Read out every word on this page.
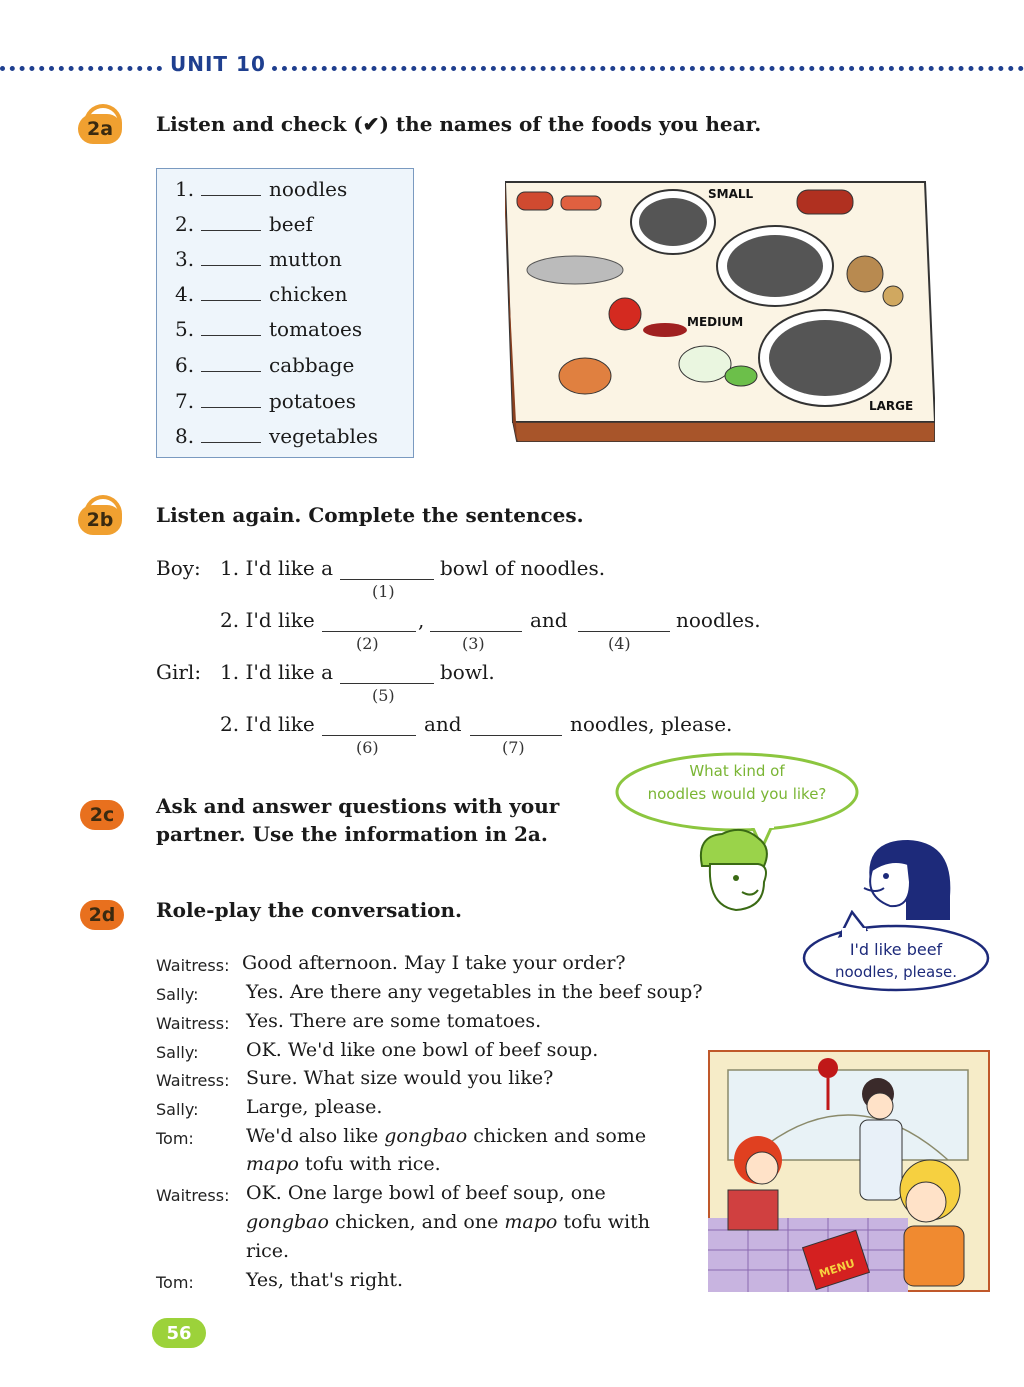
UNIT 10
2a	Listen and check (✔) the names of the foods you hear.
1.	noodles
2.	beef
3.	mutton
4.	chicken
5.	tomatoes
6.	cabbage
7.	potatoes
8.	vegetables
SMALL
MEDIUM
LARGE
2b	Listen again. Complete the sentences.
Boy: 1. I'd like a	bowl of noodles.
(1)
2. I'd like	,	and	noodles.
(2)	(3)	(4)
Girl: 1. I'd like a	bowl.
(5)
2. I'd like	and	noodles, please.
(6)	(7)
2c	Ask and answer questions with your
partner. Use the information in 2a.
What kind of
noodles would you like?
I'd like beef
noodles, please.
2d	Role-play the conversation.
Waitress: Good afternoon. May I take your order?
Sally: Yes. Are there any vegetables in the beef soup?
Waitress: Yes. There are some tomatoes.
Sally: OK. We'd like one bowl of beef soup.
Waitress: Sure. What size would you like?
Sally: Large, please.
Tom:	We'd also like gongbao chicken and some
mapo tofu with rice.
Waitress: OK. One large bowl of beef soup, one
gongbao chicken, and one mapo tofu with
rice.
Tom:	Yes, that's right.	MENU
56
